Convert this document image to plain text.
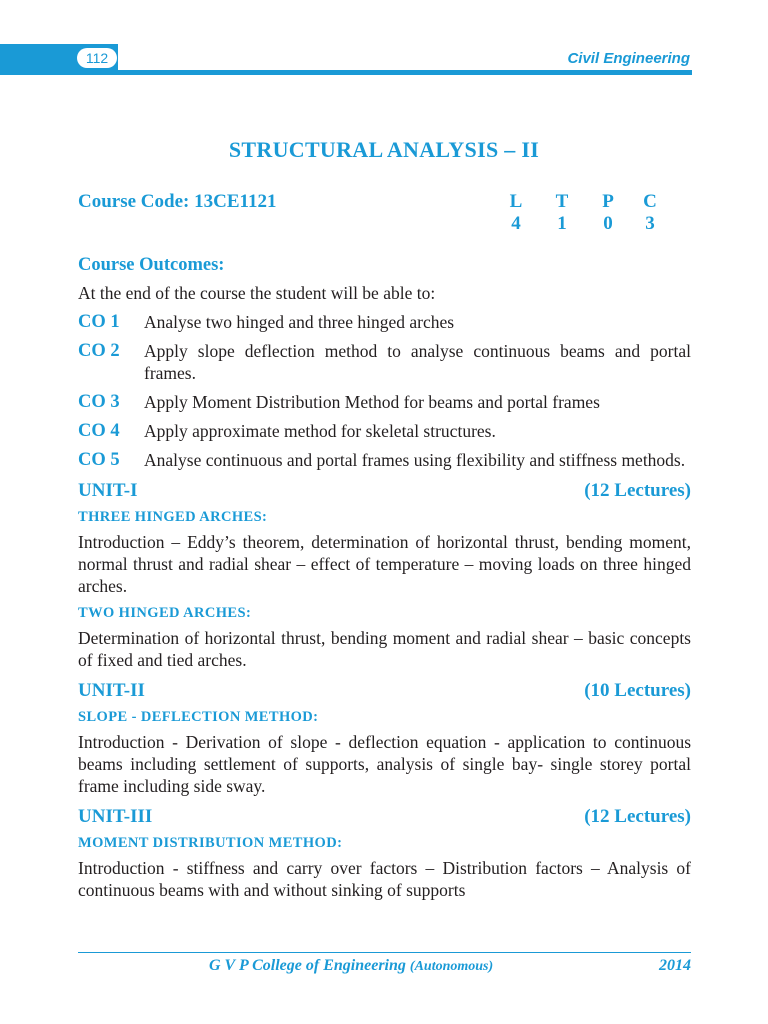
112	Civil Engineering
STRUCTURAL ANALYSIS – II
Course Code: 13CE1121	L T P C
4 1 0 3
Course Outcomes:
At the end of the course the student will be able to:
CO 1	Analyse two hinged and three hinged arches
CO 2	Apply slope deflection method to analyse continuous beams and portal frames.
CO 3	Apply Moment Distribution Method for beams and portal frames
CO 4	Apply approximate method for skeletal structures.
CO 5	Analyse continuous and portal frames using flexibility and stiffness methods.
UNIT-I	(12 Lectures)
THREE HINGED ARCHES:
Introduction – Eddy’s theorem, determination of horizontal thrust, bending moment, normal thrust and radial shear – effect of temperature – moving loads on three hinged arches.
TWO HINGED ARCHES:
Determination of horizontal thrust, bending moment and radial shear – basic concepts of fixed and tied arches.
UNIT-II	(10 Lectures)
SLOPE - DEFLECTION METHOD:
Introduction - Derivation of slope - deflection equation - application to continuous beams including settlement of supports, analysis of single bay- single storey portal frame including side sway.
UNIT-III	(12 Lectures)
MOMENT DISTRIBUTION METHOD:
Introduction - stiffness and carry over factors – Distribution factors – Analysis of continuous beams with and without sinking of supports
G V P College of Engineering (Autonomous)	2014
